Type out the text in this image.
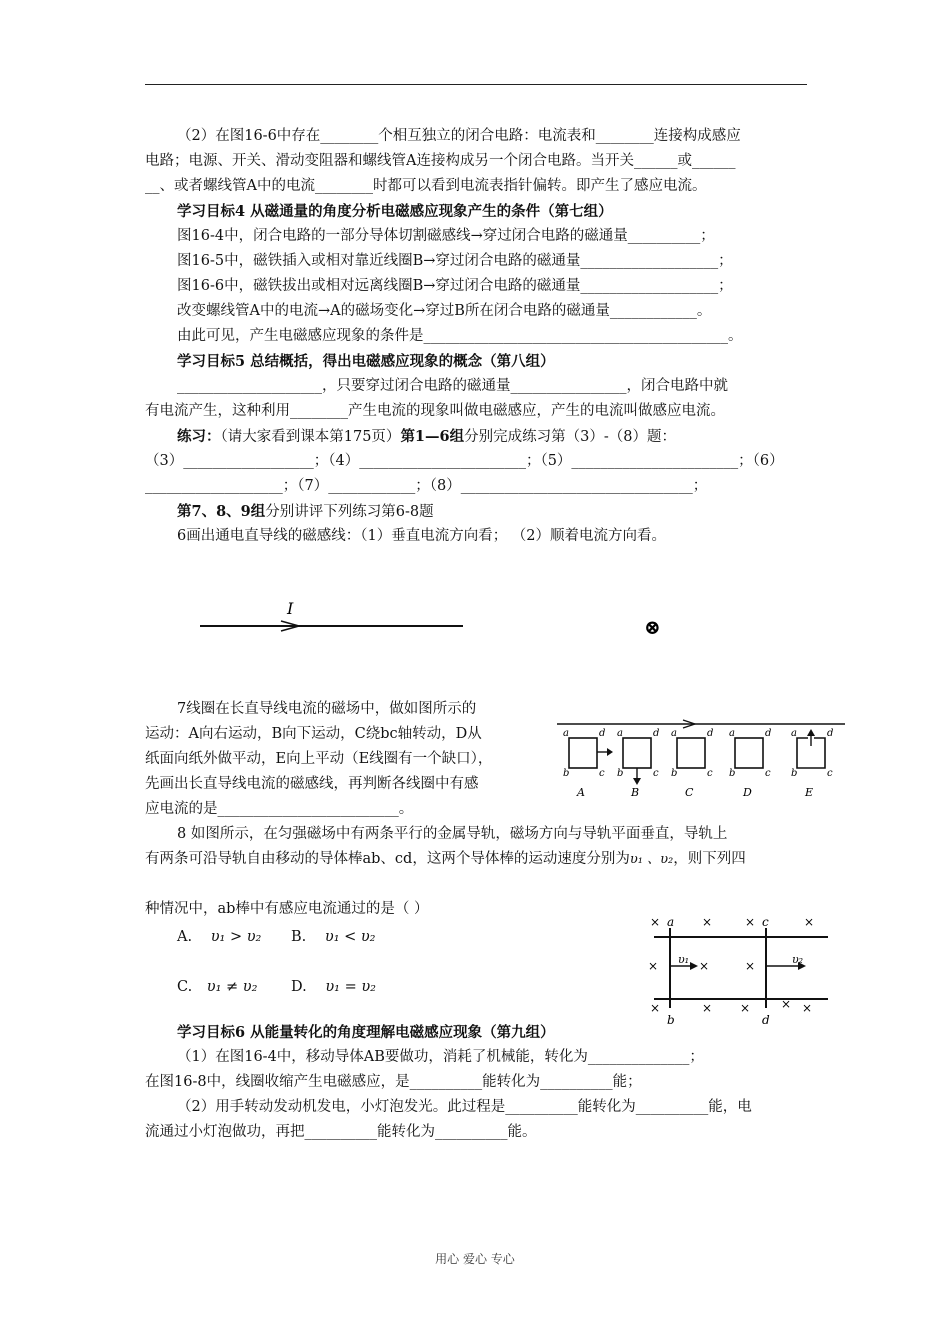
（2）在图16-6中存在________个相互独立的闭合电路：电流表和________连接构成感应
电路；电源、开关、滑动变阻器和螺线管A连接构成另一个闭合电路。当开关______或______
__、或者螺线管A中的电流________时都可以看到电流表指针偏转。即产生了感应电流。
学习目标4 从磁通量的角度分析电磁感应现象产生的条件（第七组）
图16-4中，闭合电路的一部分导体切割磁感线→穿过闭合电路的磁通量__________；
图16-5中，磁铁插入或相对靠近线圈B→穿过闭合电路的磁通量___________________；
图16-6中，磁铁拔出或相对远离线圈B→穿过闭合电路的磁通量___________________；
改变螺线管A中的电流→A的磁场变化→穿过B所在闭合电路的磁通量____________。
由此可见，产生电磁感应现象的条件是__________________________________________。
学习目标5 总结概括，得出电磁感应现象的概念（第八组）
____________________，只要穿过闭合电路的磁通量________________，闭合电路中就
有电流产生，这种利用________产生电流的现象叫做电磁感应，产生的电流叫做感应电流。
练习：（请大家看到课本第175页）第1—6组分别完成练习第（3）-（8）题：
（3）__________________；（4）_______________________；（5）_______________________；（6）
___________________；（7）____________；（8）________________________________；
第7、8、9组分别讲评下列练习第6-8题
6画出通电直导线的磁感线：（1）垂直电流方向看； （2）顺着电流方向看。
I
⊗
7线圈在长直导线电流的磁场中，做如图所示的
运动：A向右运动，B向下运动，C绕bc轴转动，D从
纸面向纸外做平动，E向上平动（E线圈有一个缺口），
先画出长直导线电流的磁感线，再判断各线圈中有感
应电流的是_________________________。
a	d
b	c
A
a	d
b	c
B
a	d
b	c
C
a	d
b	c
D
a	d
b	c
E
8 如图所示，在匀强磁场中有两条平行的金属导轨，磁场方向与导轨平面垂直，导轨上
有两条可沿导轨自由移动的导体棒ab、cd，这两个导体棒的运动速度分别为υ₁ 、υ₂，则下列四
种情况中，ab棒中有感应电流通过的是（ ）
A. υ₁ > υ₂ B. υ₁ < υ₂
C. υ₁ ≠ υ₂ D. υ₁ = υ₂
a
b
c
d
υ₁	υ₂
×	×	×	×
×	×	×
×	× ×	× ×
学习目标6 从能量转化的角度理解电磁感应现象（第九组）
（1）在图16-4中，移动导体AB要做功，消耗了机械能，转化为______________；
在图16-8中，线圈收缩产生电磁感应，是__________能转化为__________能；
（2）用手转动发动机发电，小灯泡发光。此过程是__________能转化为__________能，电
流通过小灯泡做功，再把__________能转化为__________能。
用心 爱心 专心
